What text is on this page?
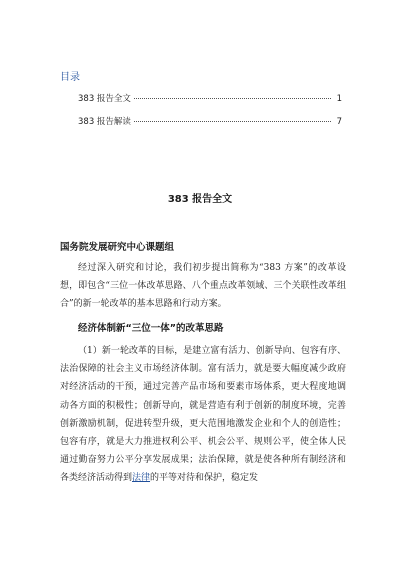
目录
383 报告全文	1
383 报告解读	7
383 报告全文
国务院发展研究中心课题组

经过深入研究和讨论，我们初步提出简称为“383 方案”的改革设想，即包含“三位一体改革思路、八个重点改革领域、三个关联性改革组合”的新一轮改革的基本思路和行动方案。

经济体制新“三位一体”的改革思路

（1）新一轮改革的目标，是建立富有活力、创新导向、包容有序、法治保障的社会主义市场经济体制。富有活力，就是要大幅度减少政府对经济活动的干预，通过完善产品市场和要素市场体系，更大程度地调动各方面的积极性；创新导向，就是营造有利于创新的制度环境，完善创新激励机制，促进转型升级，更大范围地激发企业和个人的创造性；包容有序，就是大力推进权利公平、机会公平、规则公平，使全体人民通过勤奋努力公平分享发展成果；法治保障，就是使各种所有制经济和各类经济活动得到法律的平等对待和保护，稳定发
